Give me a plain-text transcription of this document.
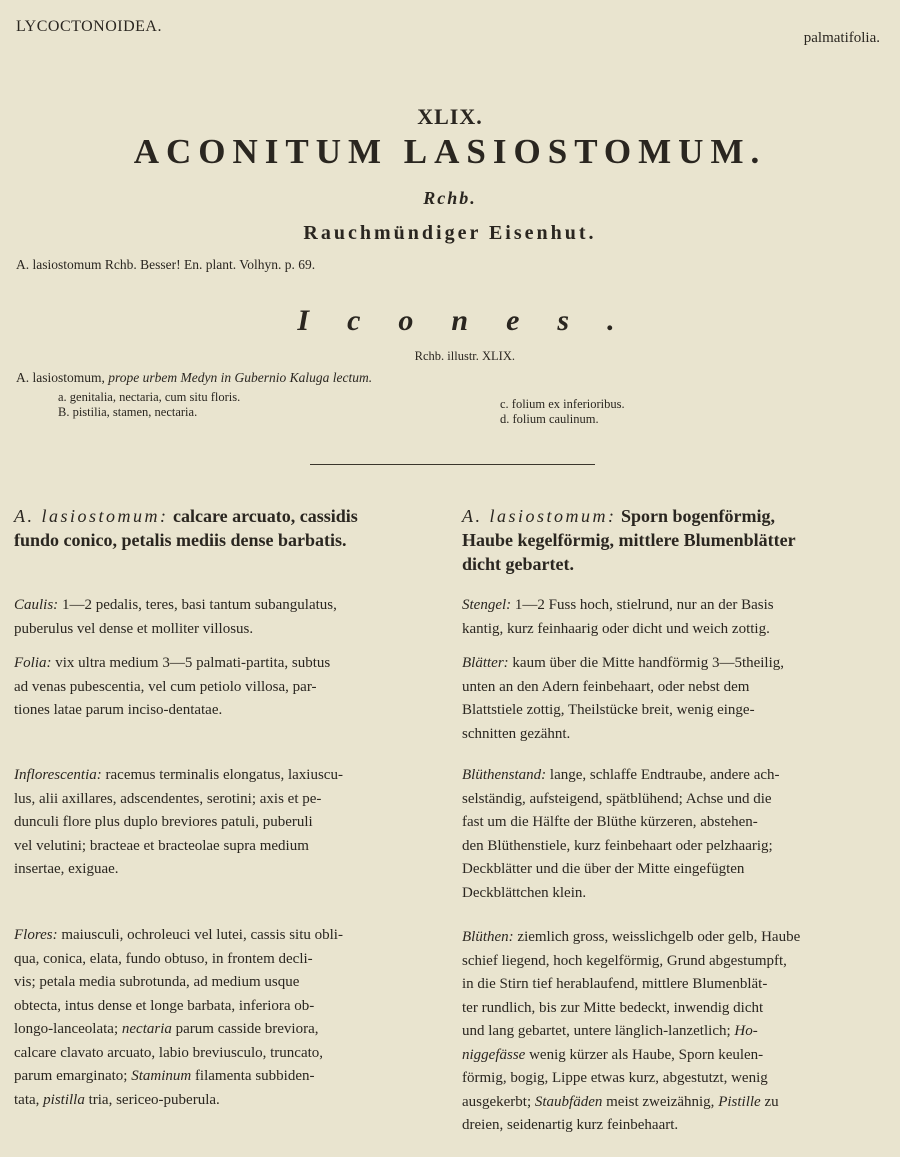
LYCOCTONOIDEA.
palmatifolia.
XLIX.
ACONITUM LASIOSTOMUM.
Rchb.
Rauchmündiger Eisenhut.
A. lasiostomum Rchb. Besser! En. plant. Volhyn. p. 69.
Icones.
Rchb. illustr. XLIX.
A. lasiostomum, prope urbem Medyn in Gubernio Kaluga lectum.
a. genitalia, nectaria, cum situ floris.
B. pistilia, stamen, nectaria.
c. folium ex inferioribus.
d. folium caulinum.
A. lasiostomum: calcare arcuato, cassidis
fundo conico, petalis mediis dense barbatis.
Caulis: 1—2 pedalis, teres, basi tantum subangulatus,
puberulus vel dense et molliter villosus.
Folia: vix ultra medium 3—5 palmati-partita, subtus
ad venas pubescentia, vel cum petiolo villosa, par-
tiones latae parum inciso-dentatae.
Inflorescentia: racemus terminalis elongatus, laxiuscu-
lus, alii axillares, adscendentes, serotini; axis et pe-
dunculi flore plus duplo breviores patuli, puberuli
vel velutini; bracteae et bracteolae supra medium
insertae, exiguae.
Flores: maiusculi, ochroleuci vel lutei, cassis situ obli-
qua, conica, elata, fundo obtuso, in frontem decli-
vis; petala media subrotunda, ad medium usque
obtecta, intus dense et longe barbata, inferiora ob-
longo-lanceolata; nectaria parum casside breviora,
calcare clavato arcuato, labio breviusculo, truncato,
parum emarginato; Staminum filamenta subbiden-
tata, pistilla tria, sericeo-puberula.
A. lasiostomum: Sporn bogenförmig,
Haube kegelförmig, mittlere Blumenblätter
dicht gebartet.
Stengel: 1—2 Fuss hoch, stielrund, nur an der Basis
kantig, kurz feinhaarig oder dicht und weich zottig.
Blätter: kaum über die Mitte handförmig 3—5theilig,
unten an den Adern feinbehaart, oder nebst dem
Blattstiele zottig, Theilstücke breit, wenig einge-
schnitten gezähnt.
Blüthenstand: lange, schlaffe Endtraube, andere ach-
selständig, aufsteigend, spätblühend; Achse und die
fast um die Hälfte der Blüthe kürzeren, abstehen-
den Blüthenstiele, kurz feinbehaart oder pelzhaarig;
Deckblätter und die über der Mitte eingefügten
Deckblättchen klein.
Blüthen: ziemlich gross, weisslichgelb oder gelb, Haube
schief liegend, hoch kegelförmig, Grund abgestumpft,
in die Stirn tief herablaufend, mittlere Blumenblät-
ter rundlich, bis zur Mitte bedeckt, inwendig dicht
und lang gebartet, untere länglich-lanzetlich; Ho-
niggefässe wenig kürzer als Haube, Sporn keulen-
förmig, bogig, Lippe etwas kurz, abgestutzt, wenig
ausgekerbt; Staubfäden meist zweizähnig, Pistille zu
dreien, seidenartig kurz feinbehaart.
